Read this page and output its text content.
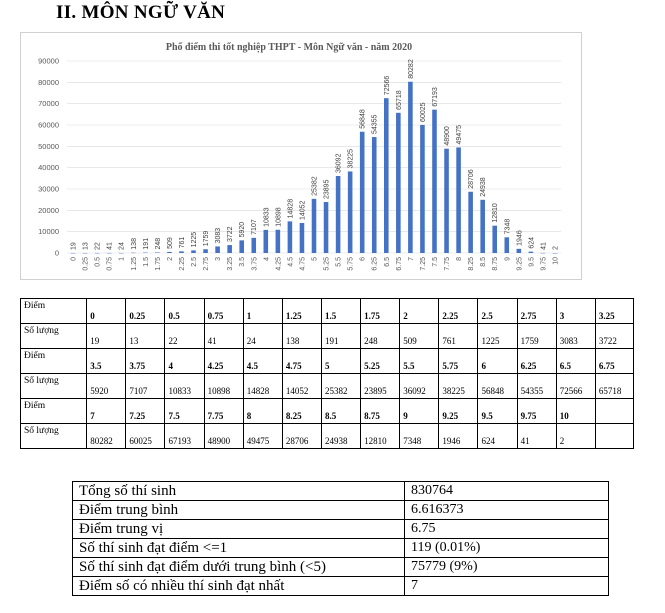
II. MÔN NGỮ VĂN
Phổ điểm thi tốt nghiệp THPT - Môn Ngữ văn - năm 2020
0
10000
20000
30000
40000
50000
60000
70000
80000
90000
19 13 22 41 24 138 191 248 509 761 1225 1759 3083 3722 5920 7107
10833 10898 14828 14052
25382 23895
36092 38225
56848 54355
72566
65718
80282
60025
67193
48900 49475
28706 24938
12810
7348
1946 624 41 2
0 0.25 0.5 0.75 1 1.25 1.5 1.75 2 2.25 2.5 2.75 3 3.25 3.5 3.75 4 4.25 4.5 4.75 5 5.25 5.5 5.75 6 6.25 6.5 6.75 7 7.25 7.5 7.75 8 8.25 8.5 8.75 9 9.25 9.5 9.75 10
Điểm	0	0.25	0.5	0.75	1	1.25	1.5	1.75	2	2.25	2.5	2.75	3	3.25
Số lượng	19	13	22	41	24	138	191	248	509	761	1225	1759	3083	3722
Điểm	3.5	3.75	4	4.25	4.5	4.75	5	5.25	5.5	5.75	6	6.25	6.5	6.75
Số lượng	5920	7107	10833	10898	14828	14052	25382	23895	36092	38225	56848	54355	72566	65718
Điểm	7	7.25	7.5	7.75	8	8.25	8.5	8.75	9	9.25	9.5	9.75	10	
Số lượng	80282	60025	67193	48900	49475	28706	24938	12810	7348	1946	624	41	2	
Tổng số thí sinh	830764
Điểm trung bình	6.616373
Điểm trung vị	6.75
Số thí sinh đạt điểm <=1	119 (0.01%)
Số thí sinh đạt điểm dưới trung bình (<5)	75779 (9%)
Điểm số có nhiều thí sinh đạt nhất	7
